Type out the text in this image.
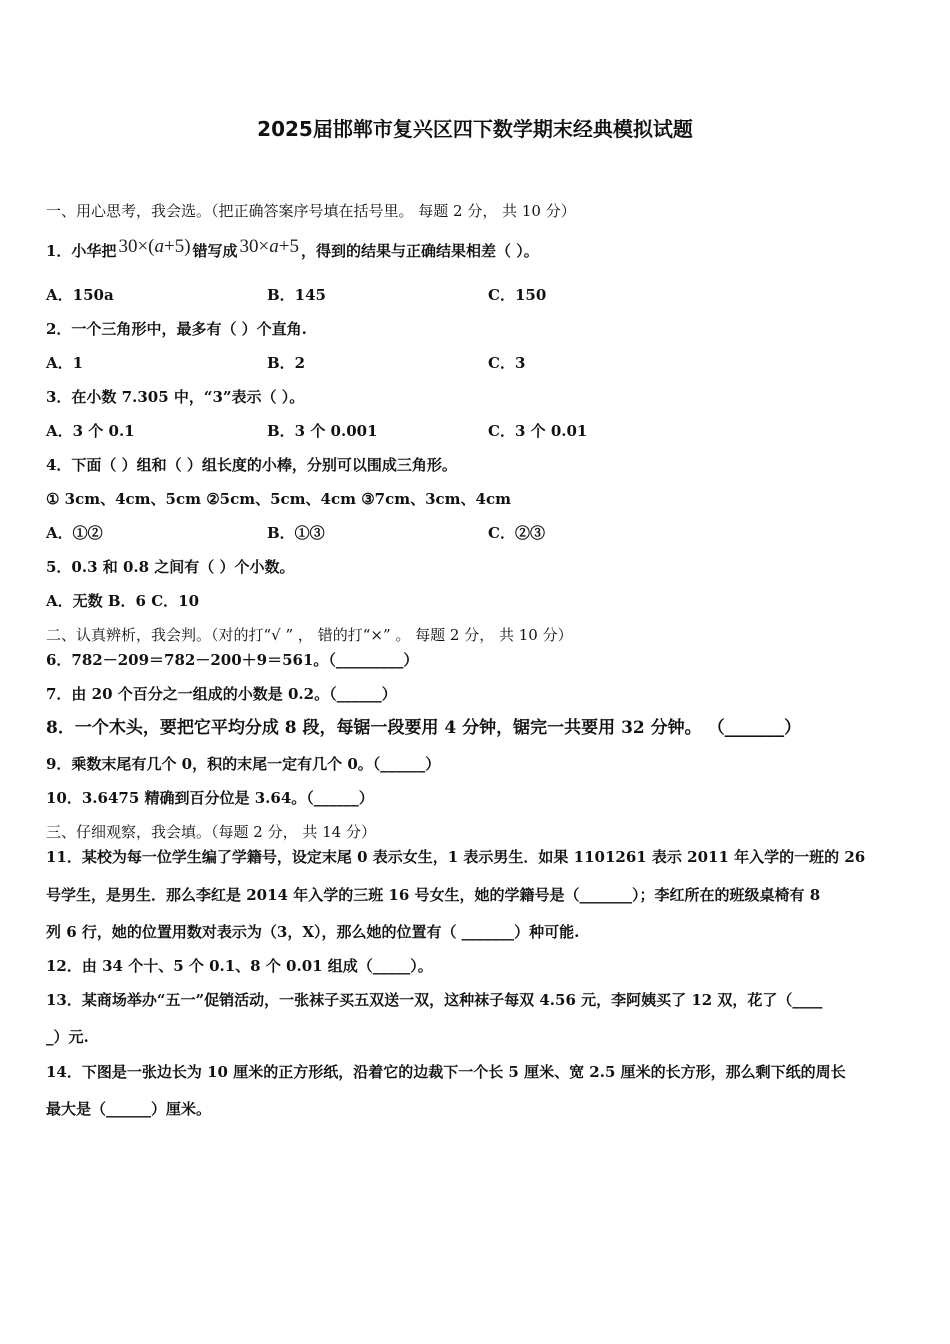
2025届邯郸市复兴区四下数学期末经典模拟试题
一、用心思考，我会选。（把正确答案序号填在括号里。 每题 2 分， 共 10 分）
1．小华把 30×(a+5) 错写成 30×a+5 ，得到的结果与正确结果相差（ ）。
A．150a	B．145	C．150
2．一个三角形中，最多有（ ）个直角.
A．1	B．2	C．3
3．在小数 7.305 中，“3”表示（ ）。
A．3 个 0.1	B．3 个 0.001	C．3 个 0.01
4．下面（ ）组和（ ）组长度的小棒，分别可以围成三角形。
① 3cm、4cm、5cm ②5cm、5cm、4cm ③7cm、3cm、4cm
A．①②	B．①③	C．②③
5．0.3 和 0.8 之间有（ ）个小数。
A．无数 B．6 C．10
二、认真辨析，我会判。（对的打“√ ” ， 错的打“×” 。 每题 2 分， 共 10 分）
6．782－209＝782－200＋9＝561。（_________）
7．由 20 个百分之一组成的小数是 0.2。（______）
8．一个木头，要把它平均分成 8 段，每锯一段要用 4 分钟，锯完一共要用 32 分钟。 （_______）
9．乘数末尾有几个 0，积的末尾一定有几个 0。（______）
10．3.6475 精确到百分位是 3.64。（______）
三、仔细观察，我会填。（每题 2 分， 共 14 分）
11．某校为每一位学生编了学籍号，设定末尾 0 表示女生，1 表示男生．如果 1101261 表示 2011 年入学的一班的 26
号学生，是男生．那么李红是 2014 年入学的三班 16 号女生，她的学籍号是（_______）；李红所在的班级桌椅有 8
列 6 行，她的位置用数对表示为（3，X），那么她的位置有（ _______）种可能.
12．由 34 个十、5 个 0.1、8 个 0.01 组成（_____）。
13．某商场举办“五一”促销活动，一张袜子买五双送一双，这种袜子每双 4.56 元，李阿姨买了 12 双，花了（____
_）元.
14．下图是一张边长为 10 厘米的正方形纸，沿着它的边裁下一个长 5 厘米、宽 2.5 厘米的长方形，那么剩下纸的周长
最大是（______）厘米。
